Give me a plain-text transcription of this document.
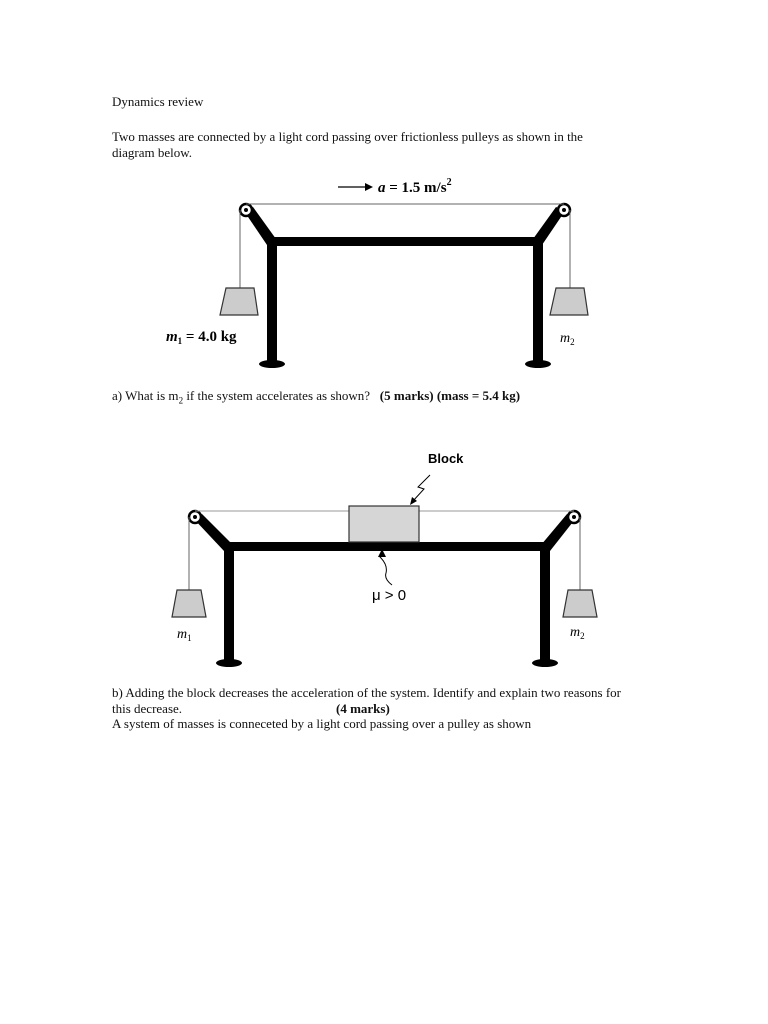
Dynamics review
Two masses are connected by a light cord passing over frictionless pulleys as shown in the
diagram below.
a = 1.5 $m/s^2$
$m_1 = 4.0$ kg	$m_2$
a) What is $m_2$ if the system accelerates as shown? (5 marks) (mass = 5.4 kg)
Block
μ > 0
$m_1$	$m_2$
b) Adding the block decreases the acceleration of the system. Identify and explain two reasons for
this decrease.	(4 marks)
A system of masses is conneceted by a light cord passing over a pulley as shown
